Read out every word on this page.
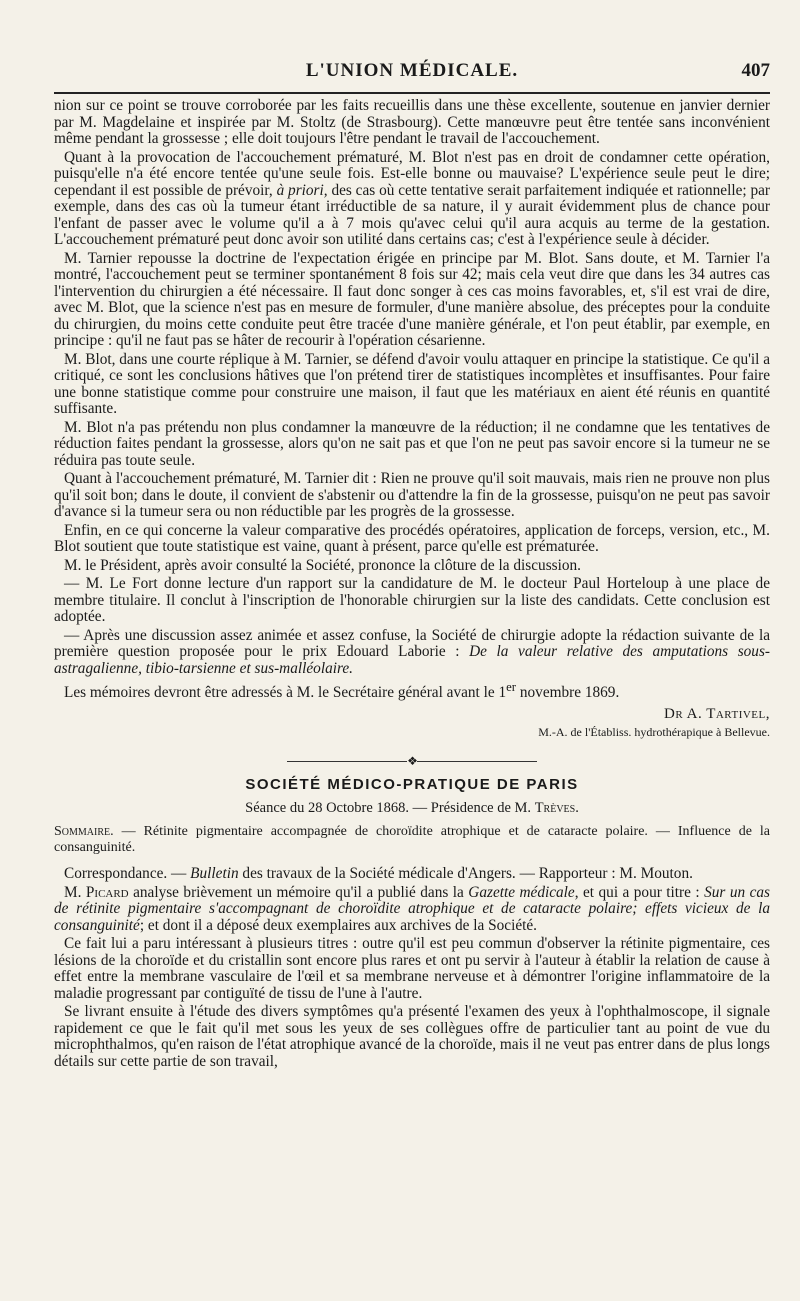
L'UNION MÉDICALE.	407

nion sur ce point se trouve corroborée par les faits recueillis dans une thèse excellente, soutenue en janvier dernier par M. Magdelaine et inspirée par M. Stoltz (de Strasbourg). Cette manœuvre peut être tentée sans inconvénient même pendant la grossesse ; elle doit toujours l'être pendant le travail de l'accouchement.

Quant à la provocation de l'accouchement prématuré, M. Blot n'est pas en droit de condamner cette opération, puisqu'elle n'a été encore tentée qu'une seule fois. Est-elle bonne ou mauvaise? L'expérience seule peut le dire; cependant il est possible de prévoir, à priori, des cas où cette tentative serait parfaitement indiquée et rationnelle; par exemple, dans des cas où la tumeur étant irréductible de sa nature, il y aurait évidemment plus de chance pour l'enfant de passer avec le volume qu'il a à 7 mois qu'avec celui qu'il aura acquis au terme de la gestation. L'accouchement prématuré peut donc avoir son utilité dans certains cas; c'est à l'expérience seule à décider.

M. Tarnier repousse la doctrine de l'expectation érigée en principe par M. Blot. Sans doute, et M. Tarnier l'a montré, l'accouchement peut se terminer spontanément 8 fois sur 42; mais cela veut dire que dans les 34 autres cas l'intervention du chirurgien a été nécessaire. Il faut donc songer à ces cas moins favorables, et, s'il est vrai de dire, avec M. Blot, que la science n'est pas en mesure de formuler, d'une manière absolue, des préceptes pour la conduite du chirurgien, du moins cette conduite peut être tracée d'une manière générale, et l'on peut établir, par exemple, en principe : qu'il ne faut pas se hâter de recourir à l'opération césarienne.

M. Blot, dans une courte réplique à M. Tarnier, se défend d'avoir voulu attaquer en principe la statistique. Ce qu'il a critiqué, ce sont les conclusions hâtives que l'on prétend tirer de statistiques incomplètes et insuffisantes. Pour faire une bonne statistique comme pour construire une maison, il faut que les matériaux en aient été réunis en quantité suffisante.

M. Blot n'a pas prétendu non plus condamner la manœuvre de la réduction; il ne condamne que les tentatives de réduction faites pendant la grossesse, alors qu'on ne sait pas et que l'on ne peut pas savoir encore si la tumeur ne se réduira pas toute seule.

Quant à l'accouchement prématuré, M. Tarnier dit : Rien ne prouve qu'il soit mauvais, mais rien ne prouve non plus qu'il soit bon; dans le doute, il convient de s'abstenir ou d'attendre la fin de la grossesse, puisqu'on ne peut pas savoir d'avance si la tumeur sera ou non réductible par les progrès de la grossesse.

Enfin, en ce qui concerne la valeur comparative des procédés opératoires, application de forceps, version, etc., M. Blot soutient que toute statistique est vaine, quant à présent, parce qu'elle est prématurée.

M. le Président, après avoir consulté la Société, prononce la clôture de la discussion.

— M. Le Fort donne lecture d'un rapport sur la candidature de M. le docteur Paul Horteloup à une place de membre titulaire. Il conclut à l'inscription de l'honorable chirurgien sur la liste des candidats. Cette conclusion est adoptée.

— Après une discussion assez animée et assez confuse, la Société de chirurgie adopte la rédaction suivante de la première question proposée pour le prix Edouard Laborie : De la valeur relative des amputations sous-astragalienne, tibio-tarsienne et sus-malléolaire.

Les mémoires devront être adressés à M. le Secrétaire général avant le 1er novembre 1869.

Dr A. Tartivel,
M.-A. de l'Établiss. hydrothérapique à Bellevue.
❖
SOCIÉTÉ MÉDICO-PRATIQUE DE PARIS
Séance du 28 Octobre 1868. — Présidence de M. Trèves.

Sommaire. — Rétinite pigmentaire accompagnée de choroïdite atrophique et de cataracte polaire. — Influence de la consanguinité.

Correspondance. — Bulletin des travaux de la Société médicale d'Angers. — Rapporteur : M. Mouton.

M. Picard analyse brièvement un mémoire qu'il a publié dans la Gazette médicale, et qui a pour titre : Sur un cas de rétinite pigmentaire s'accompagnant de choroïdite atrophique et de cataracte polaire; effets vicieux de la consanguinité; et dont il a déposé deux exemplaires aux archives de la Société.

Ce fait lui a paru intéressant à plusieurs titres : outre qu'il est peu commun d'observer la rétinite pigmentaire, ces lésions de la choroïde et du cristallin sont encore plus rares et ont pu servir à l'auteur à établir la relation de cause à effet entre la membrane vasculaire de l'œil et sa membrane nerveuse et à démontrer l'origine inflammatoire de la maladie progressant par contiguïté de tissu de l'une à l'autre.

Se livrant ensuite à l'étude des divers symptômes qu'a présenté l'examen des yeux à l'ophthalmoscope, il signale rapidement ce que le fait qu'il met sous les yeux de ses collègues offre de particulier tant au point de vue du microphthalmos, qu'en raison de l'état atrophique avancé de la choroïde, mais il ne veut pas entrer dans de plus longs détails sur cette partie de son travail,
